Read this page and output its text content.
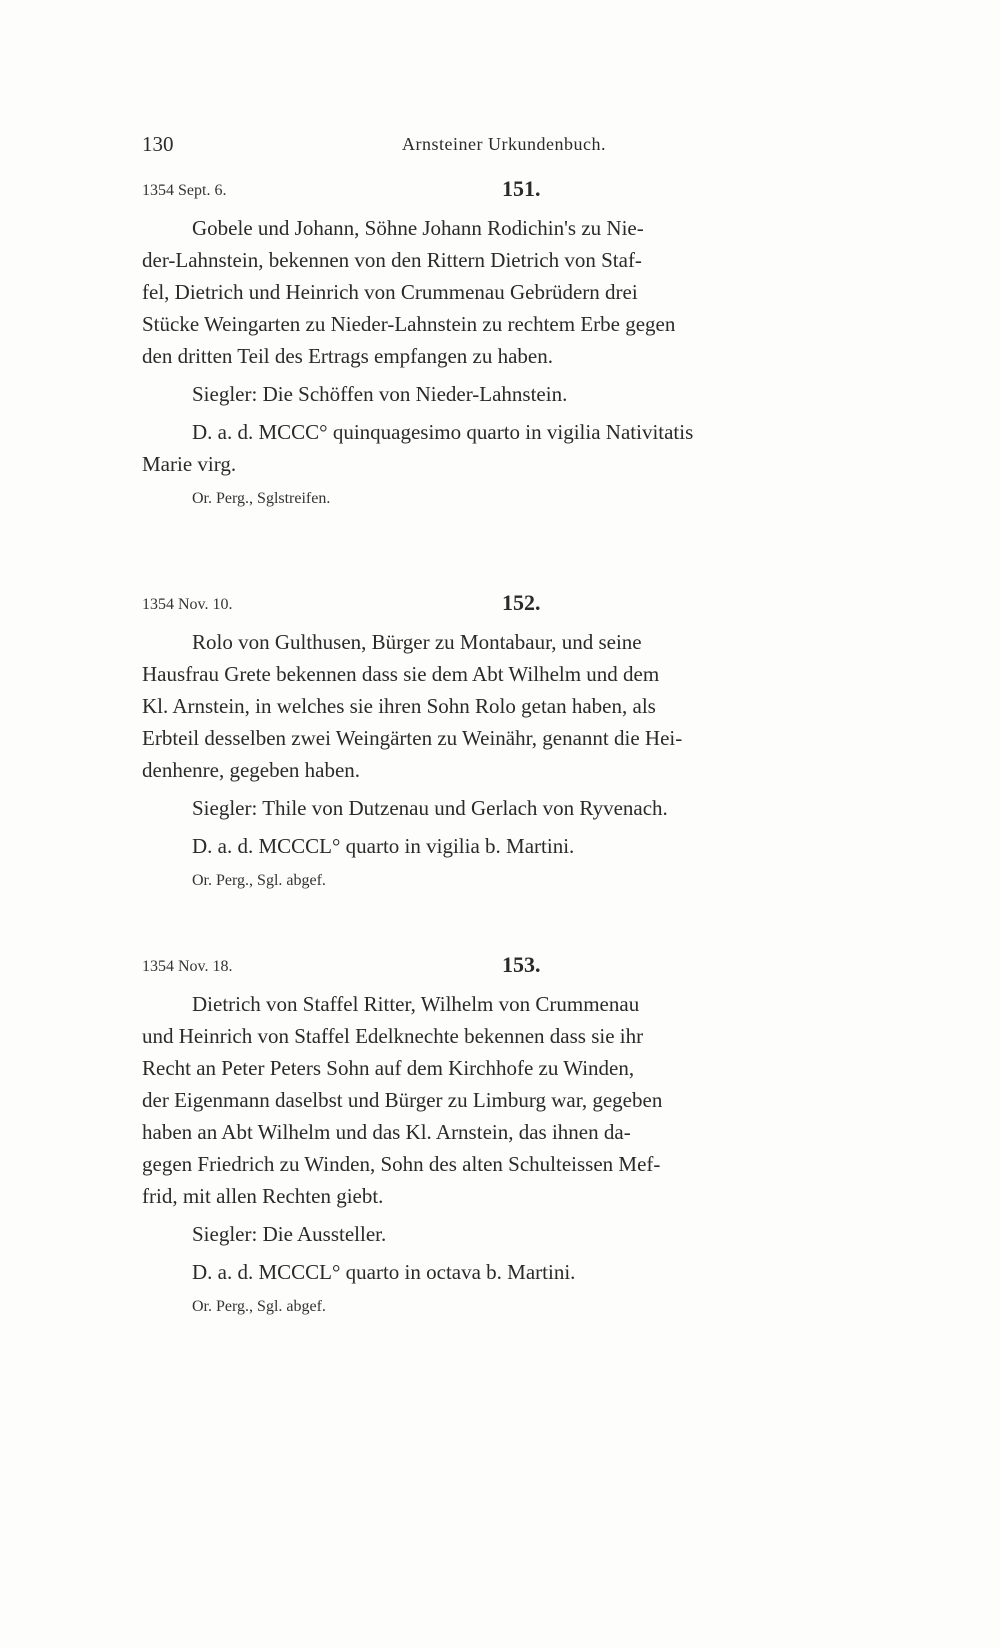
130	Arnsteiner Urkundenbuch.
1354 Sept. 6.	151.
Gobele und Johann, Söhne Johann Rodichin's zu Nie-
der-Lahnstein, bekennen von den Rittern Dietrich von Staf-
fel, Dietrich und Heinrich von Crummenau Gebrüdern drei
Stücke Weingarten zu Nieder-Lahnstein zu rechtem Erbe gegen
den dritten Teil des Ertrags empfangen zu haben.
Siegler: Die Schöffen von Nieder-Lahnstein.
D. a. d. MCCC° quinquagesimo quarto in vigilia Nativitatis
Marie virg.
Or. Perg., Sglstreifen.
1354 Nov. 10.	152.
Rolo von Gulthusen, Bürger zu Montabaur, und seine
Hausfrau Grete bekennen dass sie dem Abt Wilhelm und dem
Kl. Arnstein, in welches sie ihren Sohn Rolo getan haben, als
Erbteil desselben zwei Weingärten zu Weinähr, genannt die Hei-
denhenre, gegeben haben.
Siegler: Thile von Dutzenau und Gerlach von Ryvenach.
D. a. d. MCCCL° quarto in vigilia b. Martini.
Or. Perg., Sgl. abgef.
1354 Nov. 18.	153.
Dietrich von Staffel Ritter, Wilhelm von Crummenau
und Heinrich von Staffel Edelknechte bekennen dass sie ihr
Recht an Peter Peters Sohn auf dem Kirchhofe zu Winden,
der Eigenmann daselbst und Bürger zu Limburg war, gegeben
haben an Abt Wilhelm und das Kl. Arnstein, das ihnen da-
gegen Friedrich zu Winden, Sohn des alten Schulteissen Mef-
frid, mit allen Rechten giebt.
Siegler: Die Aussteller.
D. a. d. MCCCL° quarto in octava b. Martini.
Or. Perg., Sgl. abgef.
